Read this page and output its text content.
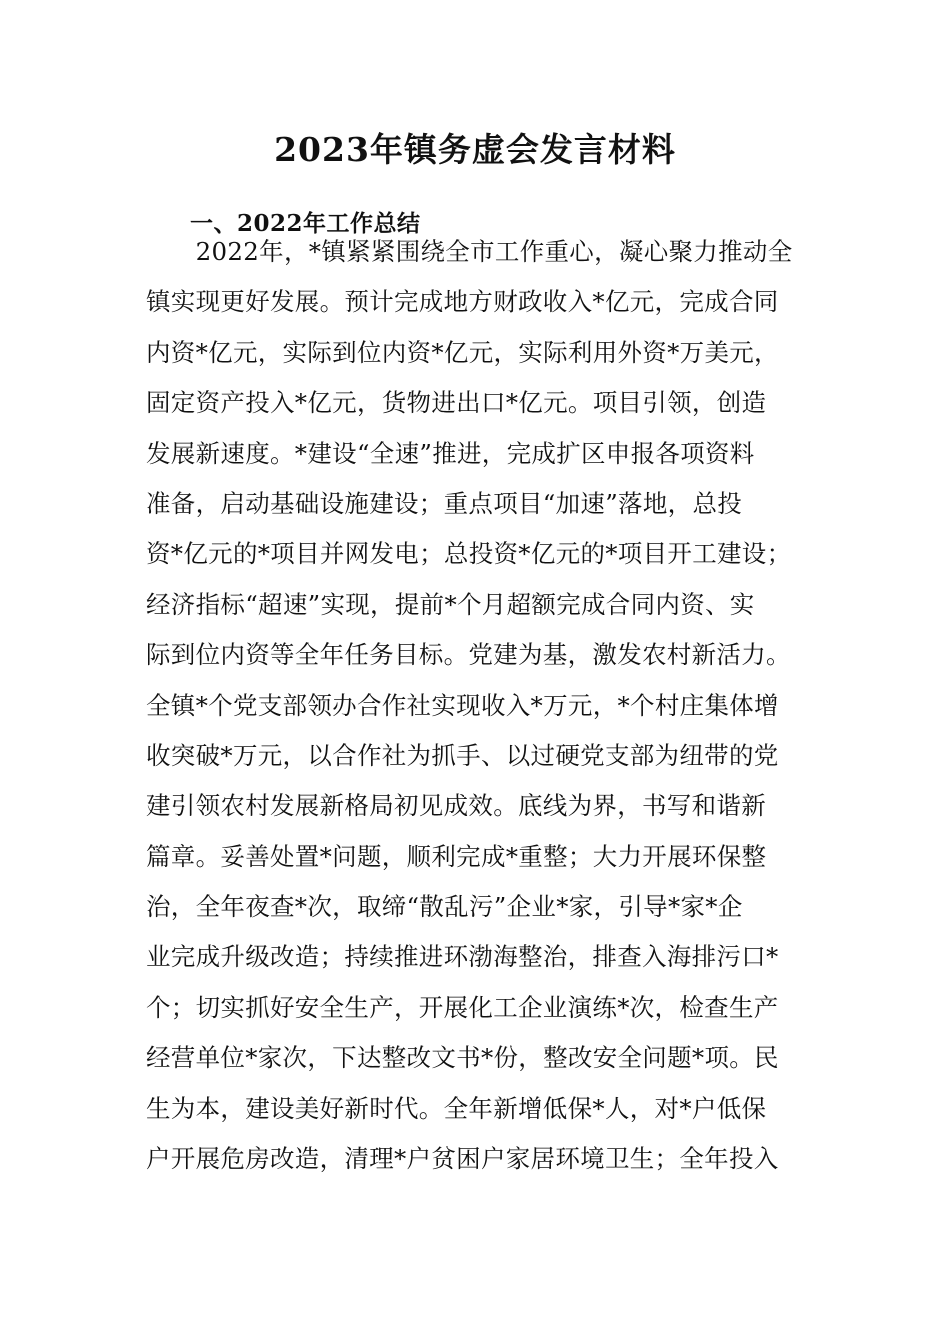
2023年镇务虚会发言材料
一、2022年工作总结
　　2022年，*镇紧紧围绕全市工作重心，凝心聚力推动全
镇实现更好发展。预计完成地方财政收入*亿元，完成合同
内资*亿元，实际到位内资*亿元，实际利用外资*万美元，
固定资产投入*亿元，货物进出口*亿元。项目引领，创造
发展新速度。*建设“全速”推进，完成扩区申报各项资料
准备，启动基础设施建设；重点项目“加速”落地，总投
资*亿元的*项目并网发电；总投资*亿元的*项目开工建设；
经济指标“超速”实现，提前*个月超额完成合同内资、实
际到位内资等全年任务目标。党建为基，激发农村新活力。
全镇*个党支部领办合作社实现收入*万元，*个村庄集体增
收突破*万元，以合作社为抓手、以过硬党支部为纽带的党
建引领农村发展新格局初见成效。底线为界，书写和谐新
篇章。妥善处置*问题，顺利完成*重整；大力开展环保整
治，全年夜查*次，取缔“散乱污”企业*家，引导*家*企
业完成升级改造；持续推进环渤海整治，排查入海排污口*
个；切实抓好安全生产，开展化工企业演练*次，检查生产
经营单位*家次，下达整改文书*份，整改安全问题*项。民
生为本，建设美好新时代。全年新增低保*人，对*户低保
户开展危房改造，清理*户贫困户家居环境卫生；全年投入
